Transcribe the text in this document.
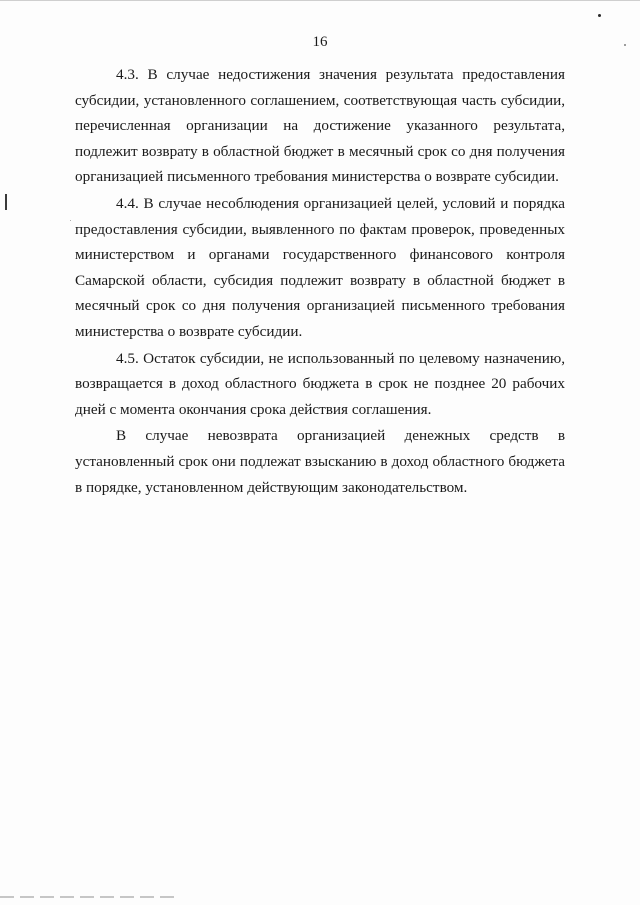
16

4.3. В случае недостижения значения результата предоставления субсидии, установленного соглашением, соответствующая часть субсидии, перечисленная организации на достижение указанного результата, подлежит возврату в областной бюджет в месячный срок со дня получения организацией письменного требования министерства о возврате субсидии.

4.4. В случае несоблюдения организацией целей, условий и порядка предоставления субсидии, выявленного по фактам проверок, проведенных министерством и органами государственного финансового контроля Самарской области, субсидия подлежит возврату в областной бюджет в месячный срок со дня получения организацией письменного требования министерства о возврате субсидии.

4.5. Остаток субсидии, не использованный по целевому назначению, возвращается в доход областного бюджета в срок не позднее 20 рабочих дней с момента окончания срока действия соглашения.

В случае невозврата организацией денежных средств в установленный срок они подлежат взысканию в доход областного бюджета в порядке, установленном действующим законодательством.
